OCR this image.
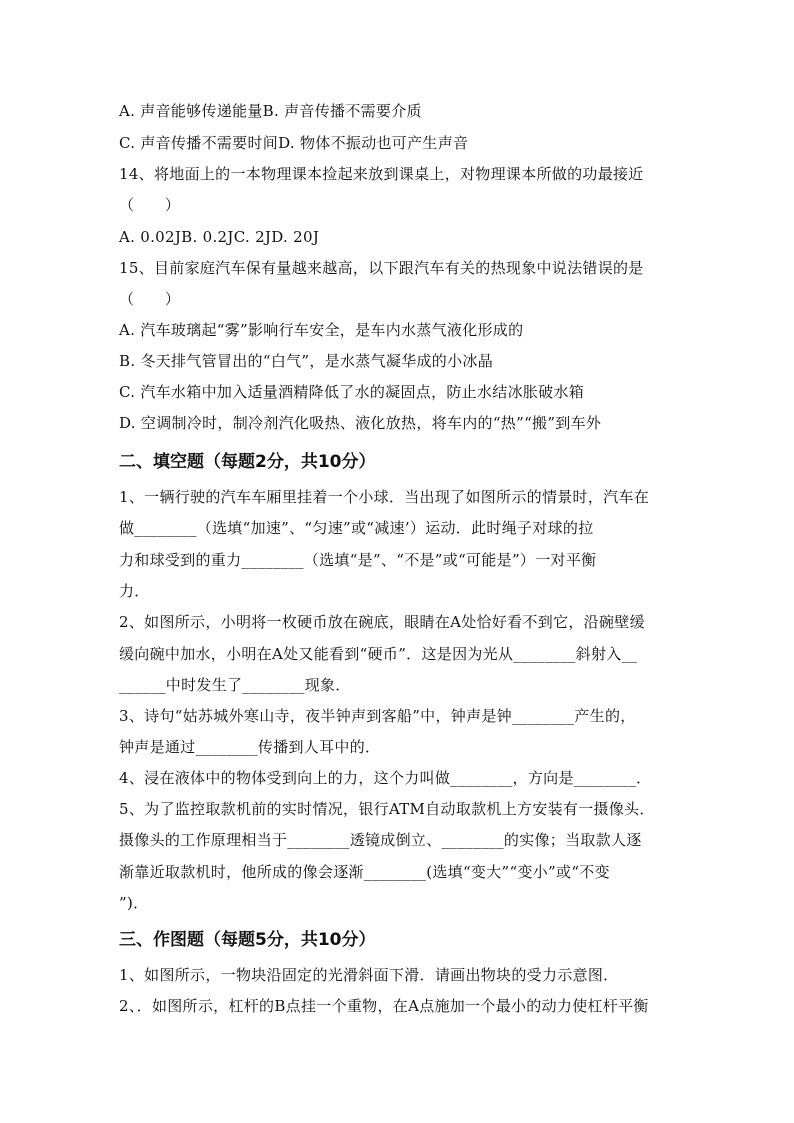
A. 声音能够传递能量B. 声音传播不需要介质
C. 声音传播不需要时间D. 物体不振动也可产生声音
14、将地面上的一本物理课本捡起来放到课桌上，对物理课本所做的功最接近
（　　）
A. 0.02JB. 0.2JC. 2JD. 20J
15、目前家庭汽车保有量越来越高，以下跟汽车有关的热现象中说法错误的是
（　　）
A. 汽车玻璃起“雾”影响行车安全，是车内水蒸气液化形成的
B. 冬天排气管冒出的“白气”，是水蒸气凝华成的小冰晶
C. 汽车水箱中加入适量酒精降低了水的凝固点，防止水结冰胀破水箱
D. 空调制冷时，制冷剂汽化吸热、液化放热，将车内的“热”“搬”到车外
二、填空题（每题2分，共10分）
1、一辆行驶的汽车车厢里挂着一个小球．当出现了如图所示的情景时，汽车在
做________（选填“加速”、“匀速”或“减速’）运动．此时绳子对球的拉
力和球受到的重力________（选填“是”、“不是”或“可能是”）一对平衡
力．
2、如图所示，小明将一枚硬币放在碗底，眼睛在A处恰好看不到它，沿碗壁缓
缓向碗中加水，小明在A处又能看到“硬币”．这是因为光从________斜射入__
______中时发生了________现象．
3、诗句“姑苏城外寒山寺，夜半钟声到客船”中，钟声是钟________产生的，
钟声是通过________传播到人耳中的．
4、浸在液体中的物体受到向上的力，这个力叫做________，方向是________．
5、为了监控取款机前的实时情况，银行ATM自动取款机上方安装有一摄像头．
摄像头的工作原理相当于________透镜成倒立、________的实像；当取款人逐
渐靠近取款机时，他所成的像会逐渐________(选填“变大”“变小”或“不变
”)．
三、作图题（每题5分，共10分）
1、如图所示，一物块沿固定的光滑斜面下滑．请画出物块的受力示意图．
2、．如图所示，杠杆的B点挂一个重物，在A点施加一个最小的动力使杠杆平衡
